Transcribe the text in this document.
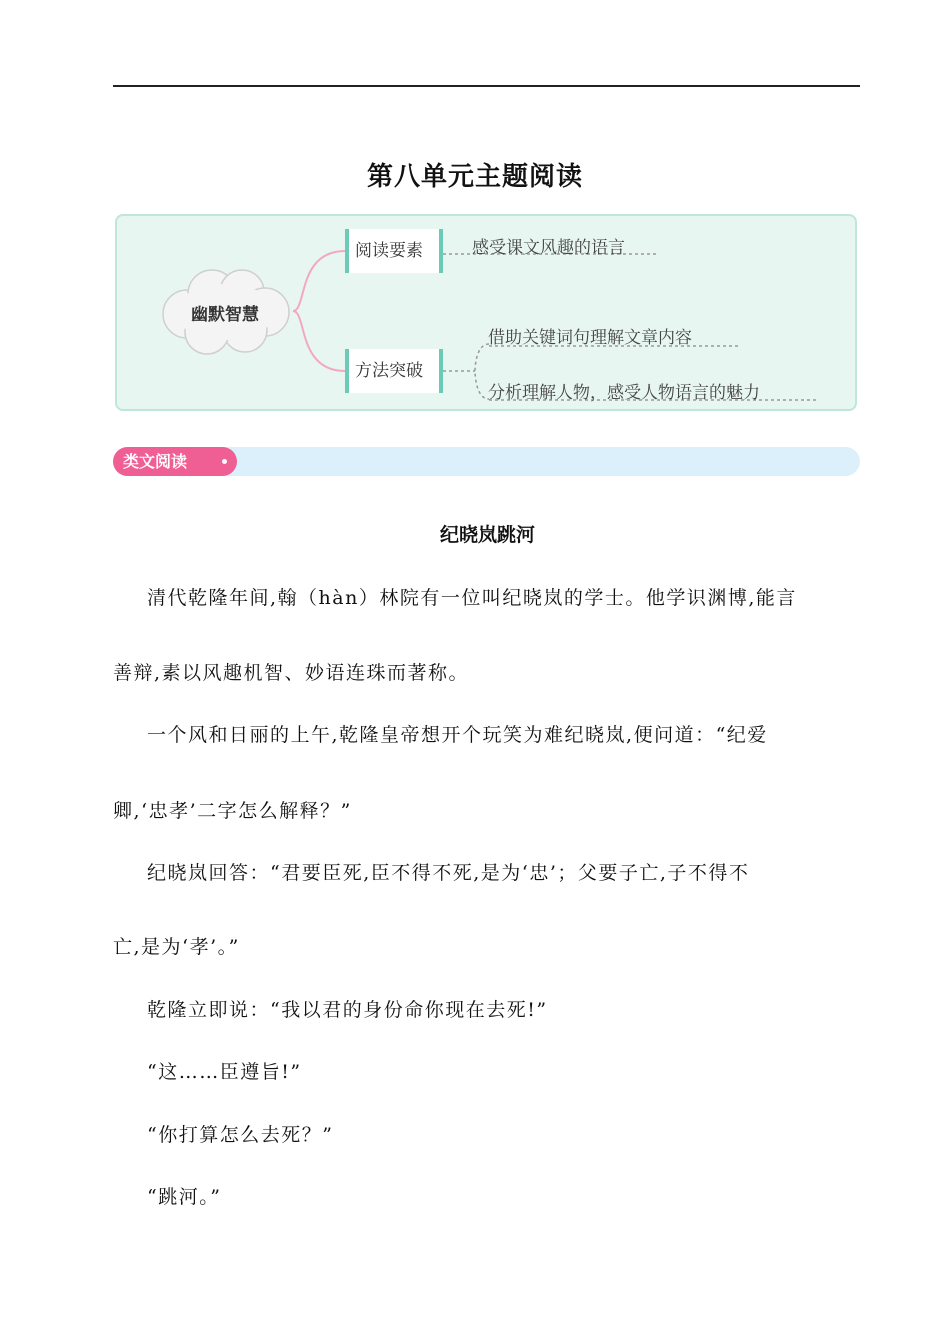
第八单元主题阅读
幽默智慧
阅读要素
方法突破
感受课文风趣的语言
借助关键词句理解文章内容
分析理解人物，感受人物语言的魅力
类文阅读
纪晓岚跳河
清代乾隆年间,翰（hàn）林院有一位叫纪晓岚的学士。他学识渊博,能言
善辩,素以风趣机智、妙语连珠而著称。
一个风和日丽的上午,乾隆皇帝想开个玩笑为难纪晓岚,便问道：“纪爱
卿,‘忠孝’二字怎么解释？”
纪晓岚回答：“君要臣死,臣不得不死,是为‘忠’；父要子亡,子不得不
亡,是为‘孝’。”
乾隆立即说：“我以君的身份命你现在去死!”
“这……臣遵旨!”
“你打算怎么去死？”
“跳河。”
